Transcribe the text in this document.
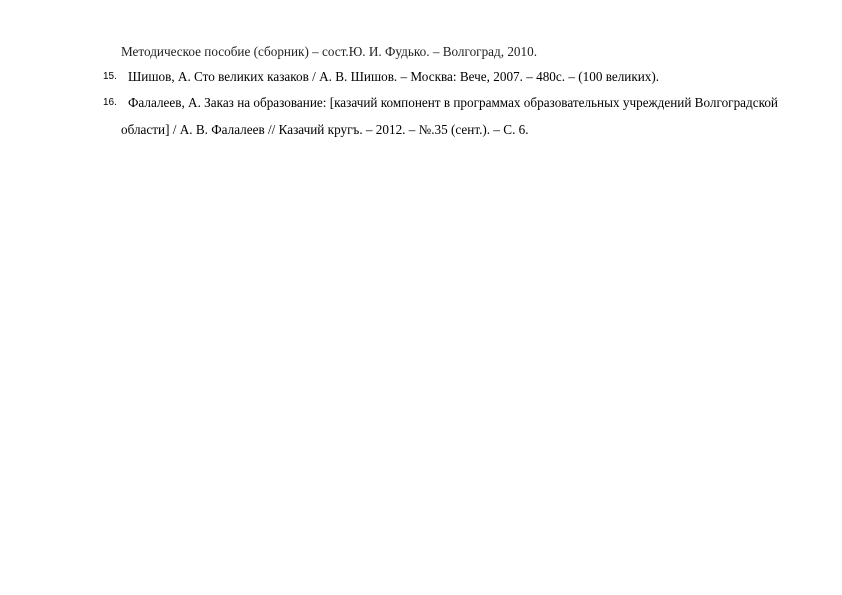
Методическое пособие (сборник) – сост.Ю. И. Фудько. – Волгоград, 2010.
15. Шишов, А. Сто великих казаков / А. В. Шишов. – Москва: Вече, 2007. – 480с. – (100 великих).
16. Фалалеев, А. Заказ на образование: [казачий компонент в программах образовательных учреждений Волгоградской
области] / А. В. Фалалеев // Казачий кругъ. – 2012. – №.35 (сент.). – С. 6.
